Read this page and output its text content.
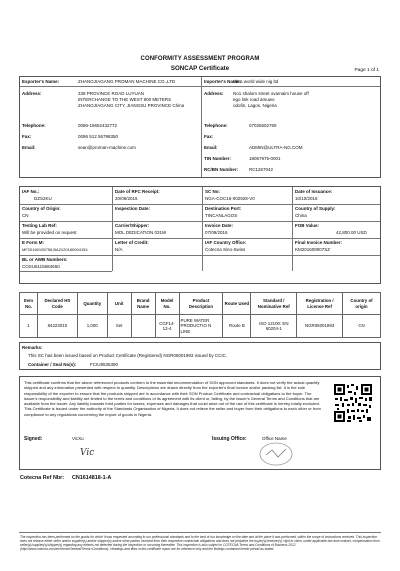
CONFORMITY ASSESSMENT PROGRAM
SONCAP Certificate	Page 1 of 1
Exporter's Name:	ZHANGJIAGANG PROMAN MACHINE CO.,LTD
Address:	338 PROVINCE ROAD LUYUAN
INTERCHANGE TO THE WEST 900 METERS
ZHANGJIAGANG CITY, JIANGSU PROVINCE China
Telephone:	0086-18652432772
Fax:	0086 512 56798350
Email:	sean@proman-machine.com
Importer's Name:
Ultra world wide nig ltd
Address: No1 shalom street ovamaim house off
ego link road amuwo
odofin, Lagos, Nigeria
Telephone:	07025502769
Fax:
Email:	ADMIN@ULTRA-NG.COM
TIN Number:	18067975-0001
RC/BN Number: RC1267042
IAF No.:
DZS2KU
Date of RFC Receipt:
20/09/2016
SC No:
NGA-COC16-002928-V0
Date of Issuance:
10/10/2016
Country of Origin:
CN
Inspection Date:	Destination Port:
TINCANLAGOS
Country of Supply:
China
Testing Lab Ref:
Will be provided on request
Carrier/Shipper:
MOL DEDICATION 031W
Invoice Date:
07/09/2016
FOB Value:
42,800.00 USD
E Form M:
MF20160105756,BA2120160004154
Letter of Credit:
N/A
IAF Country Office:
Cotecna Sino-Swiss
Final Invoice Number:
KM201609007SZ
BL or AWB Numbers:
COSU6115684650
Item No.	Declared HS Code	Quantity	Unit	Brand Name	Model No.	Product Description	Route Used	Standard / Nominative Ref	Registration / License Ref	Country of origin
1	84223010	1,000	Set		CGF14-12-4	PURE WATER PRODUCTIO N LINE	Route B	ISO 12100: EN 60204-1	NGR06001993	CN
Remarks:
This SC has been issued based on Product Certificate (Registered) NGR06001993 issued by CCIC.
Container / Seal No(s):	FCIU9535390
This certificate confirms that the above referenced products conform to the essential recommendation of SON approved standards. It does not verify the actual quantity shipped and any information presented with respect to quantity. Descriptions are drawn directly from the exporter's final invoice and/or packing list. It is the sole responsibility of the exporter to ensure that the products shipped are in accordance with their SON Product Certificate and contractual obligations to the buyer. The issuer's responsibility and liability are limited to the terms and conditions of its agreement with its client or, failing, by the issuer's General Terms and Conditions that are available from the issuer. Any liability towards third parties for losses, expenses and damages that could arise out of the use of this certificate is hereby totally excluded. This Certificate is issued under the authority of the Standards Organisation of Nigeria. It does not relieve the seller and buyer from their obligations to each other or from compliance to any regulations concerning the import of goods in Nigeria.
Signed:	VicXu
Vic
Issuing Office:	Office Name
Cotecna Ref Nbr: CN1614818-1-A
The inspection has been performed on the goods for which it was requested according to our professional standards and to the best of our knowledge on the date and at the place it was performed, within the scope of instructions received. This inspection does not release either seller and/or supplier(s) and/or shipper(s) and/or other parties involved from their respective contractual obligations and does not prejudice the buyer(s)/receiver(s)' right to claim, under applicable law and contract, compensation from seller(s)/supplier(s)/shipper(s) regarding any defects not detected during the inspection or occurring thereafter. This inspection is also subject to COTECNA Terms and Conditions of Business 2012 (http://www.cotecna.com/en/Home/General/Terms+Conditions). Headings and titles in this certificate report are for reference only and the findings contained herein prevail as stated.
